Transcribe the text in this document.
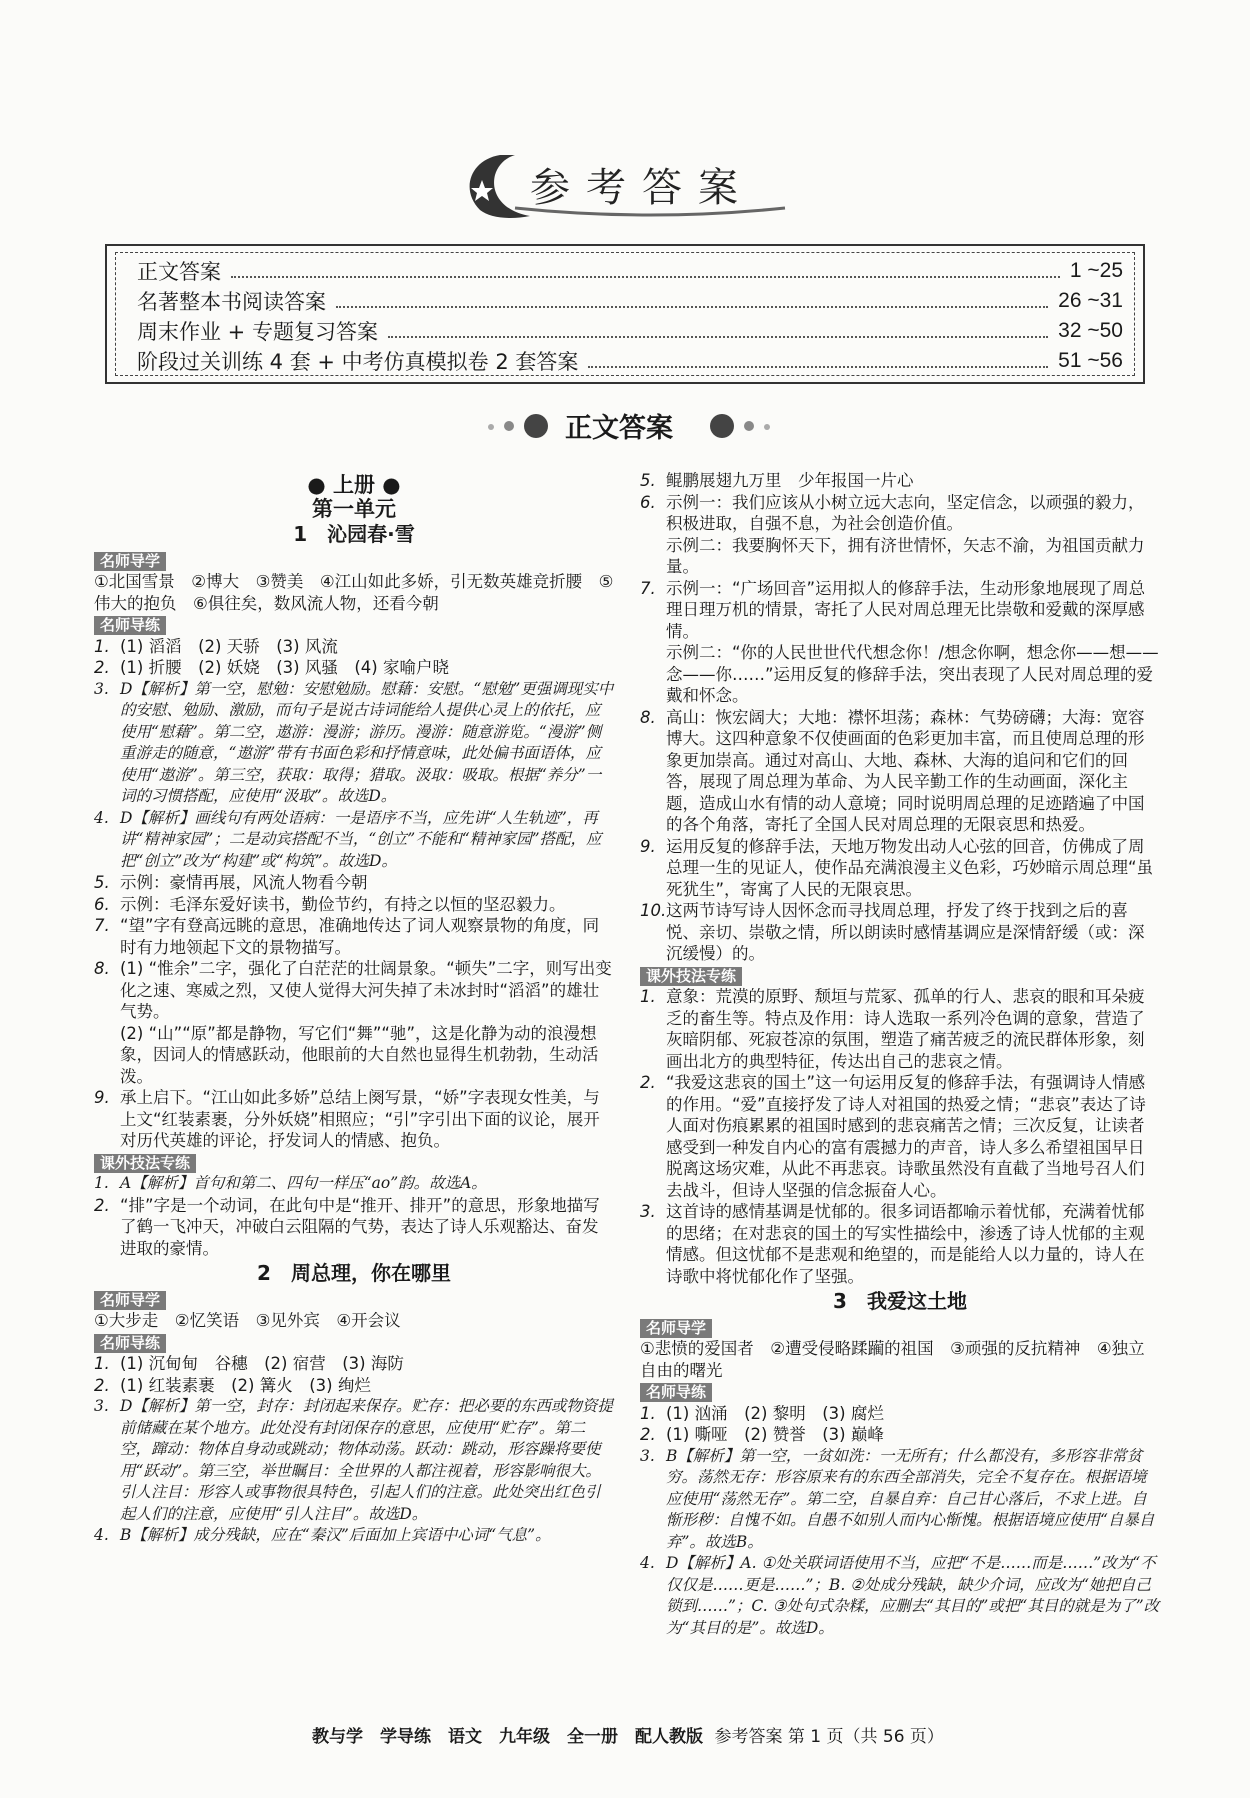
参考答案
正文答案	1 ~25
名著整本书阅读答案	26 ~31
周末作业 + 专题复习答案	32 ~50
阶段过关训练 4 套 + 中考仿真模拟卷 2 套答案	51 ~56
正文答案
● 上册 ●
第一单元
1　沁园春·雪
名师导学
①北国雪景　②博大　③赞美　④江山如此多娇，引无数英雄竞折腰　⑤伟大的抱负　⑥俱往矣，数风流人物，还看今朝
名师导练
1. (1) 滔滔　(2) 天骄　(3) 风流
2. (1) 折腰　(2) 妖娆　(3) 风骚　(4) 家喻户晓
3. D【解析】第一空，慰勉：安慰勉励。慰藉：安慰。“慰勉”更强调现实中的安慰、勉励、激励，而句子是说古诗词能给人提供心灵上的依托，应使用“慰藉”。第二空，遨游：漫游；游历。漫游：随意游览。“漫游”侧重游走的随意，“遨游”带有书面色彩和抒情意味，此处偏书面语体，应使用“遨游”。第三空，获取：取得；猎取。汲取：吸取。根据“养分”一词的习惯搭配，应使用“汲取”。故选D。
4. D【解析】画线句有两处语病：一是语序不当，应先讲“人生轨迹”，再讲“精神家园”；二是动宾搭配不当，“创立”不能和“精神家园”搭配，应把“创立”改为“构建”或“构筑”。故选D。
5. 示例：豪情再展，风流人物看今朝
6. 示例：毛泽东爱好读书，勤俭节约，有持之以恒的坚忍毅力。
7. “望”字有登高远眺的意思，准确地传达了词人观察景物的角度，同时有力地领起下文的景物描写。
8. (1) “惟余”二字，强化了白茫茫的壮阔景象。“顿失”二字，则写出变化之速、寒威之烈，又使人觉得大河失掉了未冰封时“滔滔”的雄壮气势。
(2) “山”“原”都是静物，写它们“舞”“驰”，这是化静为动的浪漫想象，因词人的情感跃动，他眼前的大自然也显得生机勃勃，生动活泼。
9. 承上启下。“江山如此多娇”总结上阕写景，“娇”字表现女性美，与上文“红装素裹，分外妖娆”相照应；“引”字引出下面的议论，展开对历代英雄的评论，抒发词人的情感、抱负。
课外技法专练
1. A【解析】首句和第二、四句一样压“ao”韵。故选A。
2. “排”字是一个动词，在此句中是“推开、排开”的意思，形象地描写了鹤一飞冲天，冲破白云阻隔的气势，表达了诗人乐观豁达、奋发进取的豪情。
2　周总理，你在哪里
名师导学
①大步走　②忆笑语　③见外宾　④开会议
名师导练
1. (1) 沉甸甸　谷穗　(2) 宿营　(3) 海防
2. (1) 红装素裹　(2) 篝火　(3) 绚烂
3. D【解析】第一空，封存：封闭起来保存。贮存：把必要的东西或物资提前储藏在某个地方。此处没有封闭保存的意思，应使用“贮存”。第二空，蹿动：物体自身动或跳动；物体动荡。跃动：跳动，形容躁将要使用“跃动”。第三空，举世瞩目：全世界的人都注视着，形容影响很大。引人注目：形容人或事物很具特色，引起人们的注意。此处突出红色引起人们的注意，应使用“引人注目”。故选D。
4. B【解析】成分残缺，应在“秦汉”后面加上宾语中心词“气息”。
5. 鲲鹏展翅九万里　少年报国一片心
6. 示例一：我们应该从小树立远大志向，坚定信念，以顽强的毅力，积极进取，自强不息，为社会创造价值。
示例二：我要胸怀天下，拥有济世情怀，矢志不渝，为祖国贡献力量。
7. 示例一：“广场回音”运用拟人的修辞手法，生动形象地展现了周总理日理万机的情景，寄托了人民对周总理无比崇敬和爱戴的深厚感情。
示例二：“你的人民世世代代想念你！/想念你啊，想念你——想——念——你……”运用反复的修辞手法，突出表现了人民对周总理的爱戴和怀念。
8. 高山：恢宏阔大；大地：襟怀坦荡；森林：气势磅礴；大海：宽容博大。这四种意象不仅使画面的色彩更加丰富，而且使周总理的形象更加崇高。通过对高山、大地、森林、大海的追问和它们的回答，展现了周总理为革命、为人民辛勤工作的生动画面，深化主题，造成山水有情的动人意境；同时说明周总理的足迹踏遍了中国的各个角落，寄托了全国人民对周总理的无限哀思和热爱。
9. 运用反复的修辞手法，天地万物发出动人心弦的回音，仿佛成了周总理一生的见证人，使作品充满浪漫主义色彩，巧妙暗示周总理“虽死犹生”，寄寓了人民的无限哀思。
10.这两节诗写诗人因怀念而寻找周总理，抒发了终于找到之后的喜悦、亲切、崇敬之情，所以朗读时感情基调应是深情舒缓（或：深沉缓慢）的。
课外技法专练
1. 意象：荒漠的原野、颓垣与荒冢、孤单的行人、悲哀的眼和耳朵疲乏的畜生等。特点及作用：诗人选取一系列冷色调的意象，营造了灰暗阴郁、死寂苍凉的氛围，塑造了痛苦疲乏的流民群体形象，刻画出北方的典型特征，传达出自己的悲哀之情。
2. “我爱这悲哀的国土”这一句运用反复的修辞手法，有强调诗人情感的作用。“爱”直接抒发了诗人对祖国的热爱之情；“悲哀”表达了诗人面对伤痕累累的祖国时感到的悲哀痛苦之情；三次反复，让读者感受到一种发自内心的富有震撼力的声音，诗人多么希望祖国早日脱离这场灾难，从此不再悲哀。诗歌虽然没有直截了当地号召人们去战斗，但诗人坚强的信念振奋人心。
3. 这首诗的感情基调是忧郁的。很多词语都喻示着忧郁，充满着忧郁的思绪；在对悲哀的国土的写实性描绘中，渗透了诗人忧郁的主观情感。但这忧郁不是悲观和绝望的，而是能给人以力量的，诗人在诗歌中将忧郁化作了坚强。
3　我爱这土地
名师导学
①悲愤的爱国者　②遭受侵略蹂躏的祖国　③顽强的反抗精神　④独立自由的曙光
名师导练
1. (1) 汹涌　(2) 黎明　(3) 腐烂
2. (1) 嘶哑　(2) 赞誉　(3) 巅峰
3. B【解析】第一空，一贫如洗：一无所有；什么都没有，多形容非常贫穷。荡然无存：形容原来有的东西全部消失，完全不复存在。根据语境应使用“荡然无存”。第二空，自暴自弃：自己甘心落后，不求上进。自惭形秽：自愧不如。自愚不如别人而内心惭愧。根据语境应使用“自暴自弃”。故选B。
4. D【解析】A. ①处关联词语使用不当，应把“不是……而是……”改为“不仅仅是……更是……”；B. ②处成分残缺，缺少介词，应改为“她把自己锁到……”；C. ③处句式杂糅，应删去“其目的”或把“其目的就是为了”改为“其目的是”。故选D。
教与学　学导练　语文　九年级　全一册　配人教版 参考答案 第 1 页（共 56 页）
